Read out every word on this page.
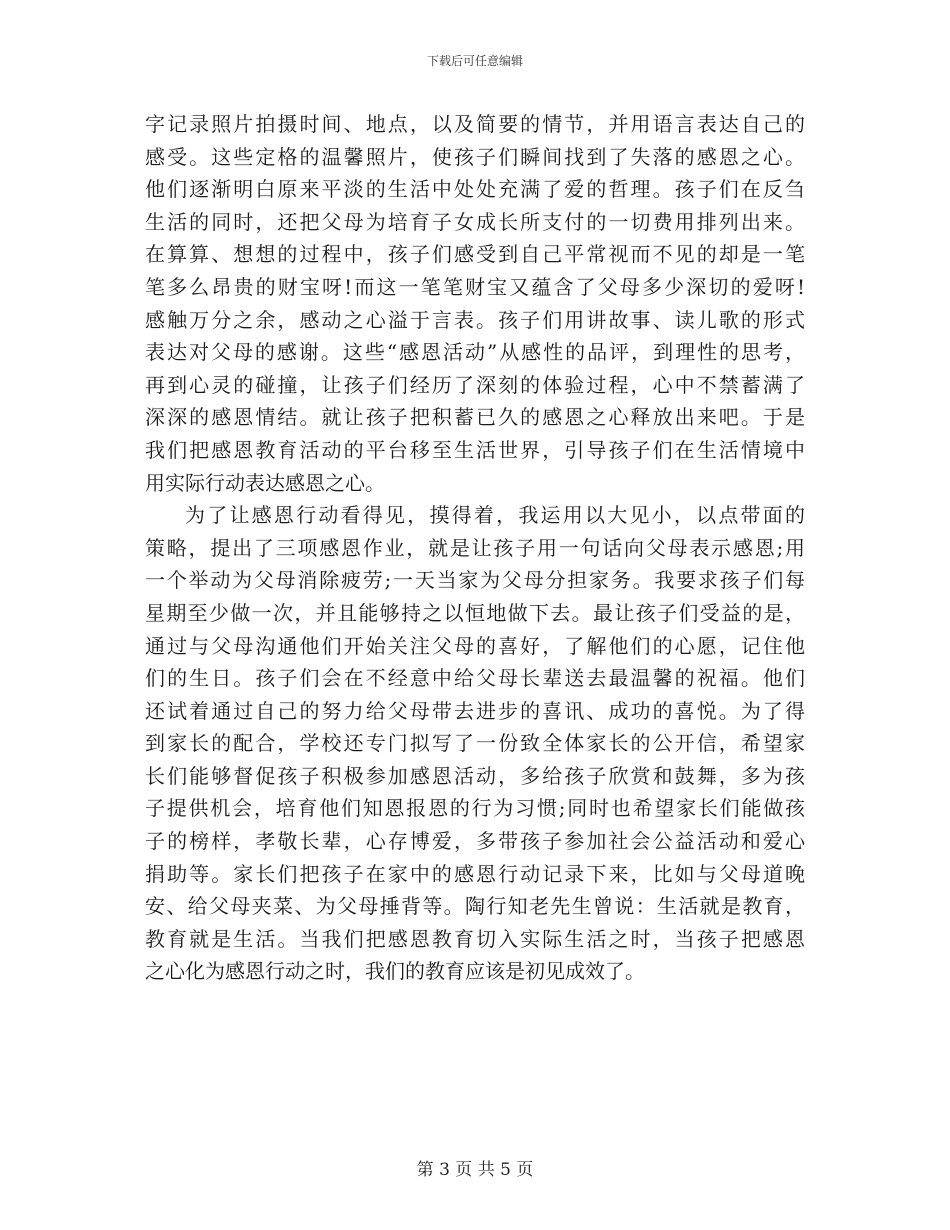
下载后可任意编辑
字记录照片拍摄时间、地点，以及简要的情节，并用语言表达自己的
感受。这些定格的温馨照片，使孩子们瞬间找到了失落的感恩之心。
他们逐渐明白原来平淡的生活中处处充满了爱的哲理。孩子们在反刍
生活的同时，还把父母为培育子女成长所支付的一切费用排列出来。
在算算、想想的过程中，孩子们感受到自己平常视而不见的却是一笔
笔多么昂贵的财宝呀!而这一笔笔财宝又蕴含了父母多少深切的爱呀!
感触万分之余，感动之心溢于言表。孩子们用讲故事、读儿歌的形式
表达对父母的感谢。这些“感恩活动”从感性的品评，到理性的思考，
再到心灵的碰撞，让孩子们经历了深刻的体验过程，心中不禁蓄满了
深深的感恩情结。就让孩子把积蓄已久的感恩之心释放出来吧。于是
我们把感恩教育活动的平台移至生活世界，引导孩子们在生活情境中
用实际行动表达感恩之心。
为了让感恩行动看得见，摸得着，我运用以大见小，以点带面的
策略，提出了三项感恩作业，就是让孩子用一句话向父母表示感恩;用
一个举动为父母消除疲劳;一天当家为父母分担家务。我要求孩子们每
星期至少做一次，并且能够持之以恒地做下去。最让孩子们受益的是，
通过与父母沟通他们开始关注父母的喜好，了解他们的心愿，记住他
们的生日。孩子们会在不经意中给父母长辈送去最温馨的祝福。他们
还试着通过自己的努力给父母带去进步的喜讯、成功的喜悦。为了得
到家长的配合，学校还专门拟写了一份致全体家长的公开信，希望家
长们能够督促孩子积极参加感恩活动，多给孩子欣赏和鼓舞，多为孩
子提供机会，培育他们知恩报恩的行为习惯;同时也希望家长们能做孩
子的榜样，孝敬长辈，心存博爱，多带孩子参加社会公益活动和爱心
捐助等。家长们把孩子在家中的感恩行动记录下来，比如与父母道晚
安、给父母夹菜、为父母捶背等。陶行知老先生曾说：生活就是教育，
教育就是生活。当我们把感恩教育切入实际生活之时，当孩子把感恩
之心化为感恩行动之时，我们的教育应该是初见成效了。
第 3 页 共 5 页
